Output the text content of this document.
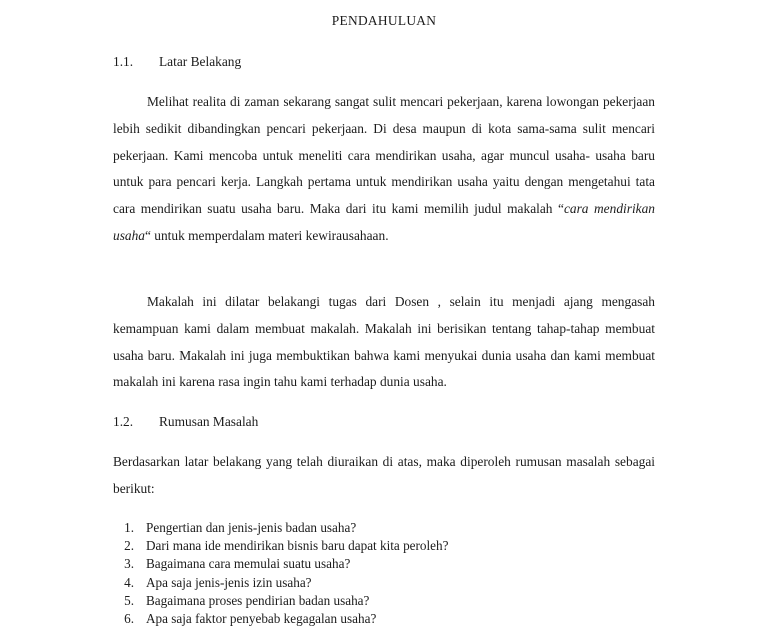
PENDAHULUAN
1.1. Latar Belakang

Melihat realita di zaman sekarang sangat sulit mencari pekerjaan, karena lowongan pekerjaan lebih sedikit dibandingkan pencari pekerjaan. Di desa maupun di kota sama-sama sulit mencari pekerjaan. Kami mencoba untuk meneliti cara mendirikan usaha, agar muncul usaha- usaha baru untuk para pencari kerja. Langkah pertama untuk mendirikan usaha yaitu dengan mengetahui tata cara mendirikan suatu usaha baru. Maka dari itu kami memilih judul makalah “cara mendirikan usaha“ untuk memperdalam materi kewirausahaan.

Makalah ini dilatar belakangi tugas dari Dosen , selain itu menjadi ajang mengasah kemampuan kami dalam membuat makalah. Makalah ini berisikan tentang tahap-tahap membuat usaha baru. Makalah ini juga membuktikan bahwa kami menyukai dunia usaha dan kami membuat makalah ini karena rasa ingin tahu kami terhadap dunia usaha.

1.2. Rumusan Masalah

Berdasarkan latar belakang yang telah diuraikan di atas, maka diperoleh rumusan masalah sebagai berikut:

1. Pengertian dan jenis-jenis badan usaha?
2. Dari mana ide mendirikan bisnis baru dapat kita peroleh?
3. Bagaimana cara memulai suatu usaha?
4. Apa saja jenis-jenis izin usaha?
5. Bagaimana proses pendirian badan usaha?
6. Apa saja faktor penyebab kegagalan usaha?
